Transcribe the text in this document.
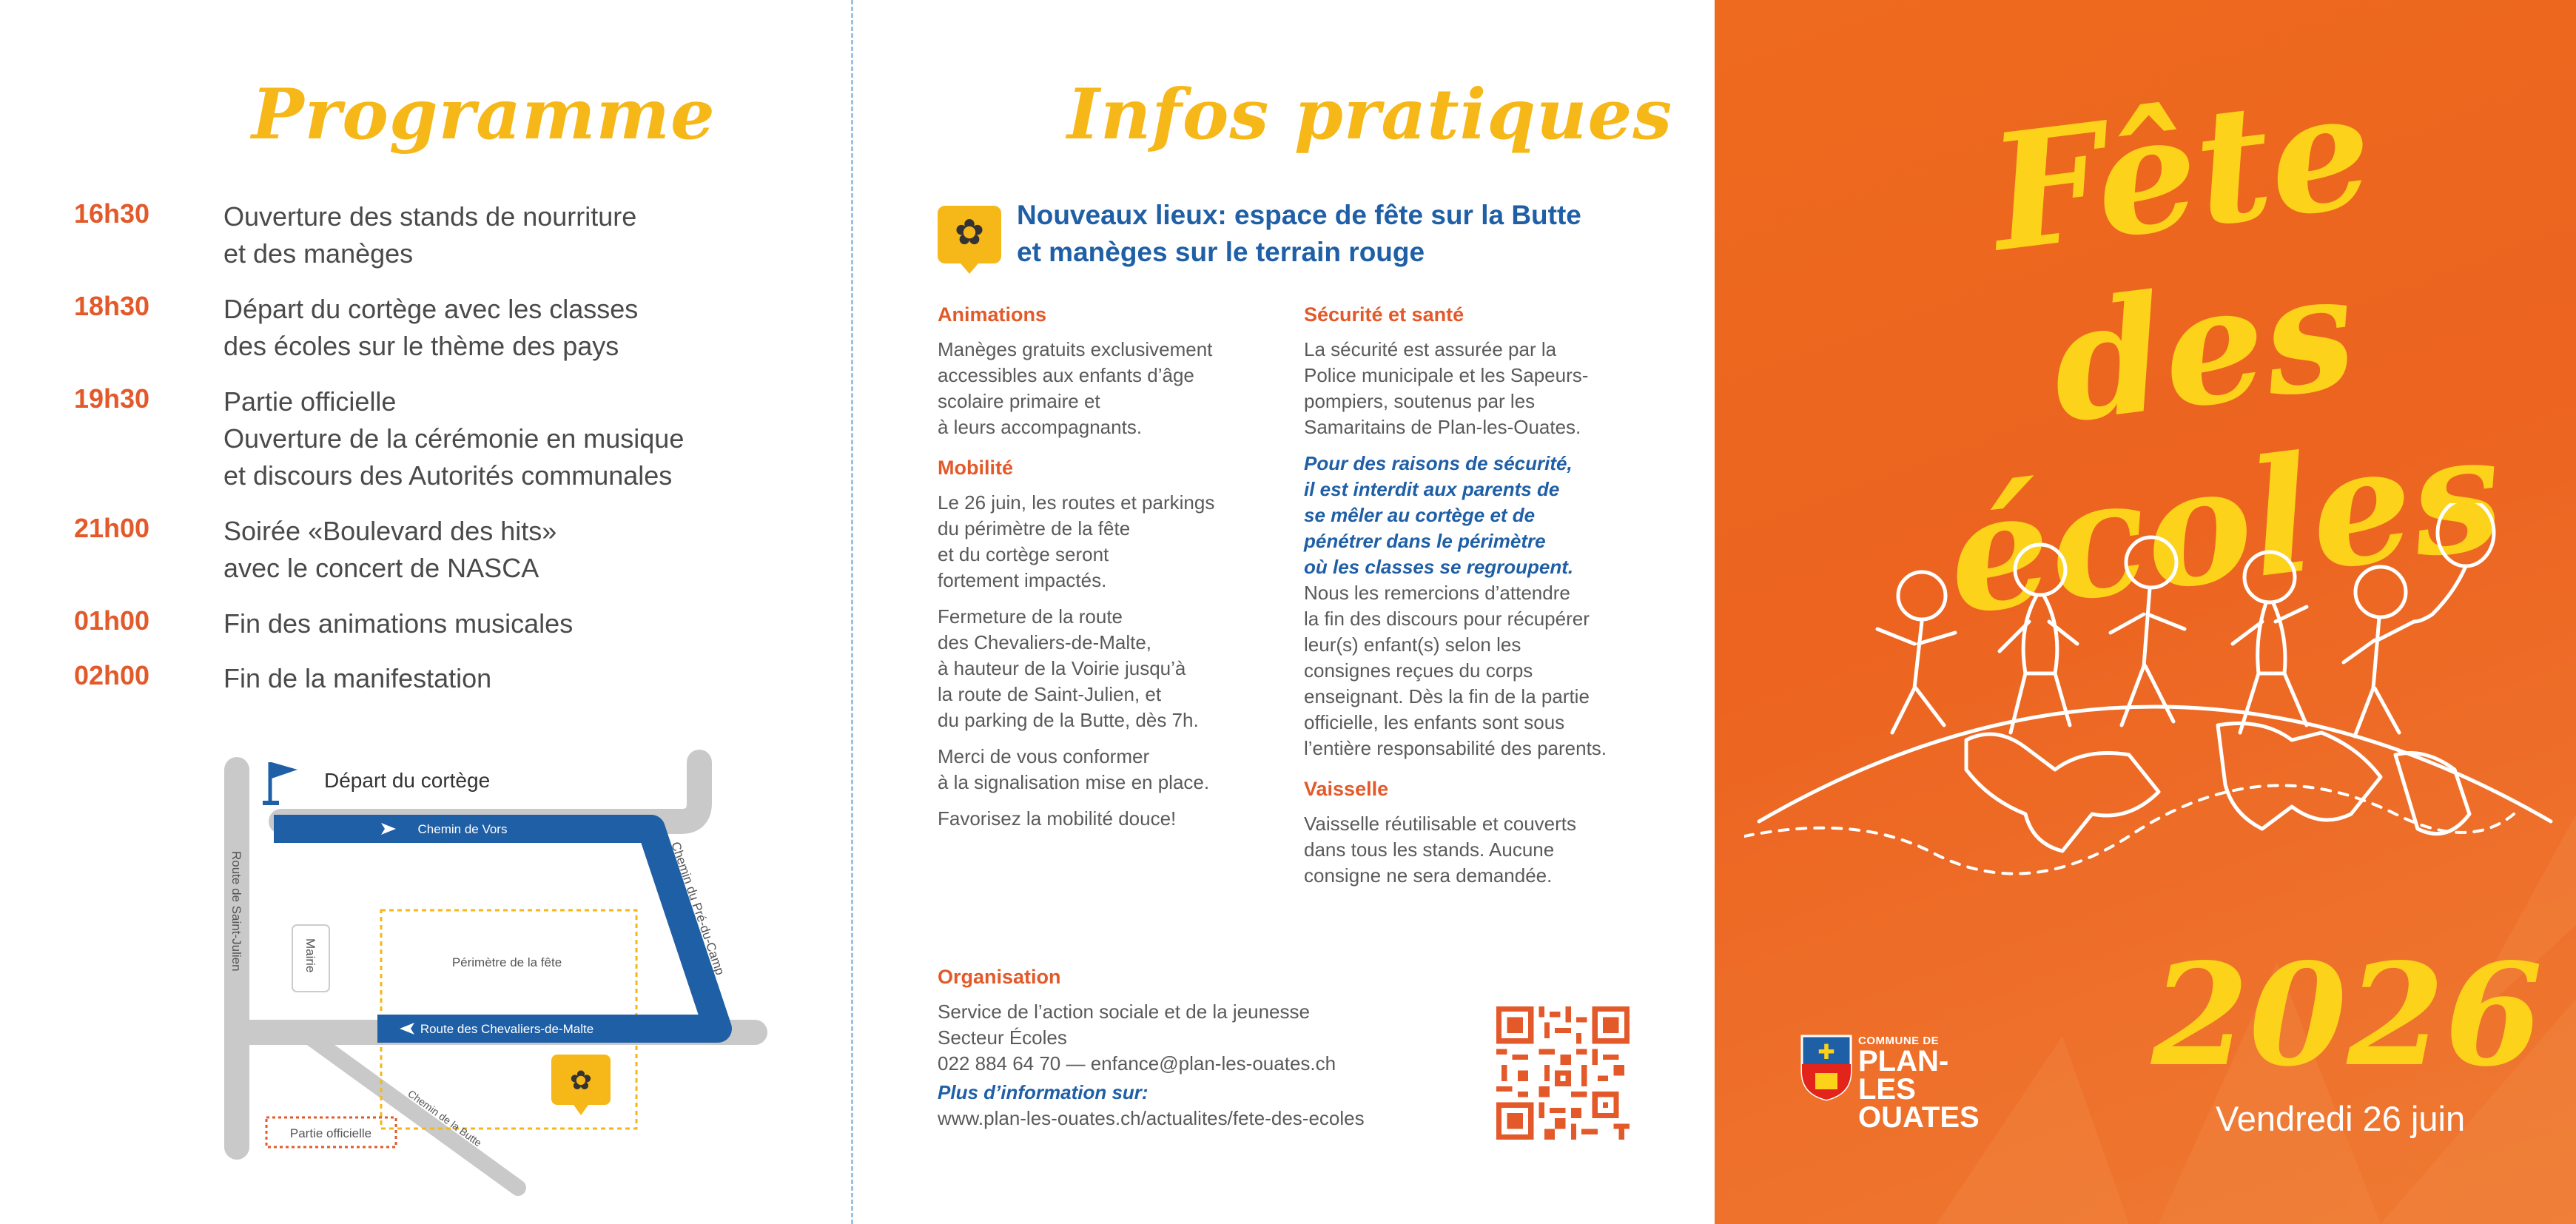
Programme
16h30	Ouverture des stands de nourriture
et des manèges
18h30	Départ du cortège avec les classes
des écoles sur le thème des pays
19h30	Partie officielle
Ouverture de la cérémonie en musique
et discours des Autorités communales
21h00	Soirée «Boulevard des hits»
avec le concert de NASCA
01h00	Fin des animations musicales
02h00	Fin de la manifestation
Départ du cortège
Chemin de Vors
Chemin du Pré-du-Camp
Route de Saint-Julien
Route des Chevaliers-de-Malte
Périmètre de la fête
Mairie
Chemin de la Butte
✿
Partie officielle
Infos pratiques
✿	Nouveaux lieux: espace de fête sur la Butte
et manèges sur le terrain rouge
Animations
Manèges gratuits exclusivement
accessibles aux enfants d’âge
scolaire primaire et
à leurs accompagnants.
Mobilité
Le 26 juin, les routes et parkings
du périmètre de la fête
et du cortège seront
fortement impactés.
Fermeture de la route
des Chevaliers-de-Malte,
à hauteur de la Voirie jusqu’à
la route de Saint-Julien, et
du parking de la Butte, dès 7h.
Merci de vous conformer
à la signalisation mise en place.
Favorisez la mobilité douce!
Sécurité et santé
La sécurité est assurée par la
Police municipale et les Sapeurs-
pompiers, soutenus par les
Samaritains de Plan-les-Ouates.
Pour des raisons de sécurité,
il est interdit aux parents de
se mêler au cortège et de
pénétrer dans le périmètre
où les classes se regroupent.
Nous les remercions d’attendre
la fin des discours pour récupérer
leur(s) enfant(s) selon les
consignes reçues du corps
enseignant. Dès la fin de la partie
officielle, les enfants sont sous
l’entière responsabilité des parents.
Vaisselle
Vaisselle réutilisable et couverts
dans tous les stands. Aucune
consigne ne sera demandée.
Organisation
Service de l’action sociale et de la jeunesse
Secteur Écoles
022 884 64 70 — enfance@plan-les-ouates.ch
Plus d’information sur:
www.plan-les-ouates.ch/actualites/fete-des-ecoles
Fête
des écoles
2026
Vendredi 26 juin
✚ COMMUNE DE
PLAN-
LES
OUATES
